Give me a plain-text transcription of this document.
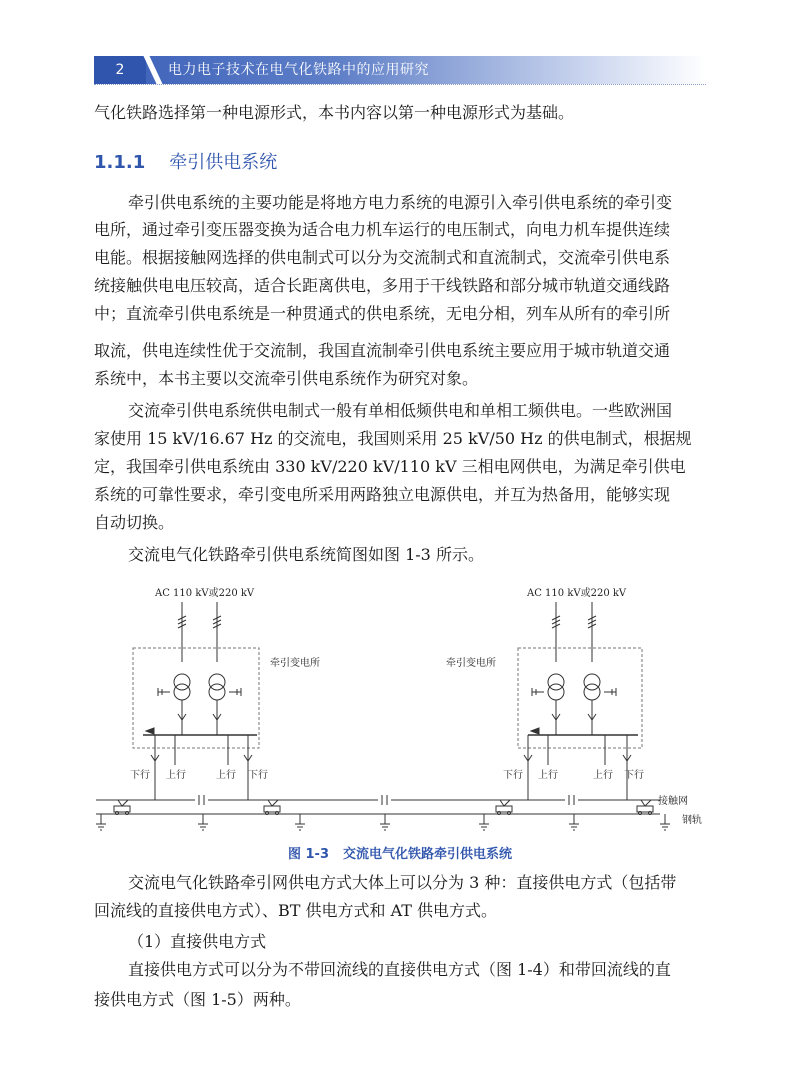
2	电力电子技术在电气化铁路中的应用研究
气化铁路选择第一种电源形式，本书内容以第一种电源形式为基础。
1.1.1 牵引供电系统
牵引供电系统的主要功能是将地方电力系统的电源引入牵引供电系统的牵引变
电所，通过牵引变压器变换为适合电力机车运行的电压制式，向电力机车提供连续
电能。根据接触网选择的供电制式可以分为交流制式和直流制式，交流牵引供电系
统接触供电电压较高，适合长距离供电，多用于干线铁路和部分城市轨道交通线路
中；直流牵引供电系统是一种贯通式的供电系统，无电分相，列车从所有的牵引所
取流，供电连续性优于交流制，我国直流制牵引供电系统主要应用于城市轨道交通
系统中，本书主要以交流牵引供电系统作为研究对象。
交流牵引供电系统供电制式一般有单相低频供电和单相工频供电。一些欧洲国
家使用 15 kV/16.67 Hz 的交流电，我国则采用 25 kV/50 Hz 的供电制式，根据规
定，我国牵引供电系统由 330 kV/220 kV/110 kV 三相电网供电，为满足牵引供电
系统的可靠性要求，牵引变电所采用两路独立电源供电，并互为热备用，能够实现
自动切换。
交流电气化铁路牵引供电系统简图如图 1-3 所示。
AC 110 kV或220 kV
牵引变电所
下行 上行	上行 下行
AC 110 kV或220 kV
牵引变电所
下行 上行	上行 下行
接触网
钢轨
图 1-3 交流电气化铁路牵引供电系统
交流电气化铁路牵引网供电方式大体上可以分为 3 种：直接供电方式（包括带
回流线的直接供电方式）、BT 供电方式和 AT 供电方式。
（1）直接供电方式
直接供电方式可以分为不带回流线的直接供电方式（图 1-4）和带回流线的直
接供电方式（图 1-5）两种。
